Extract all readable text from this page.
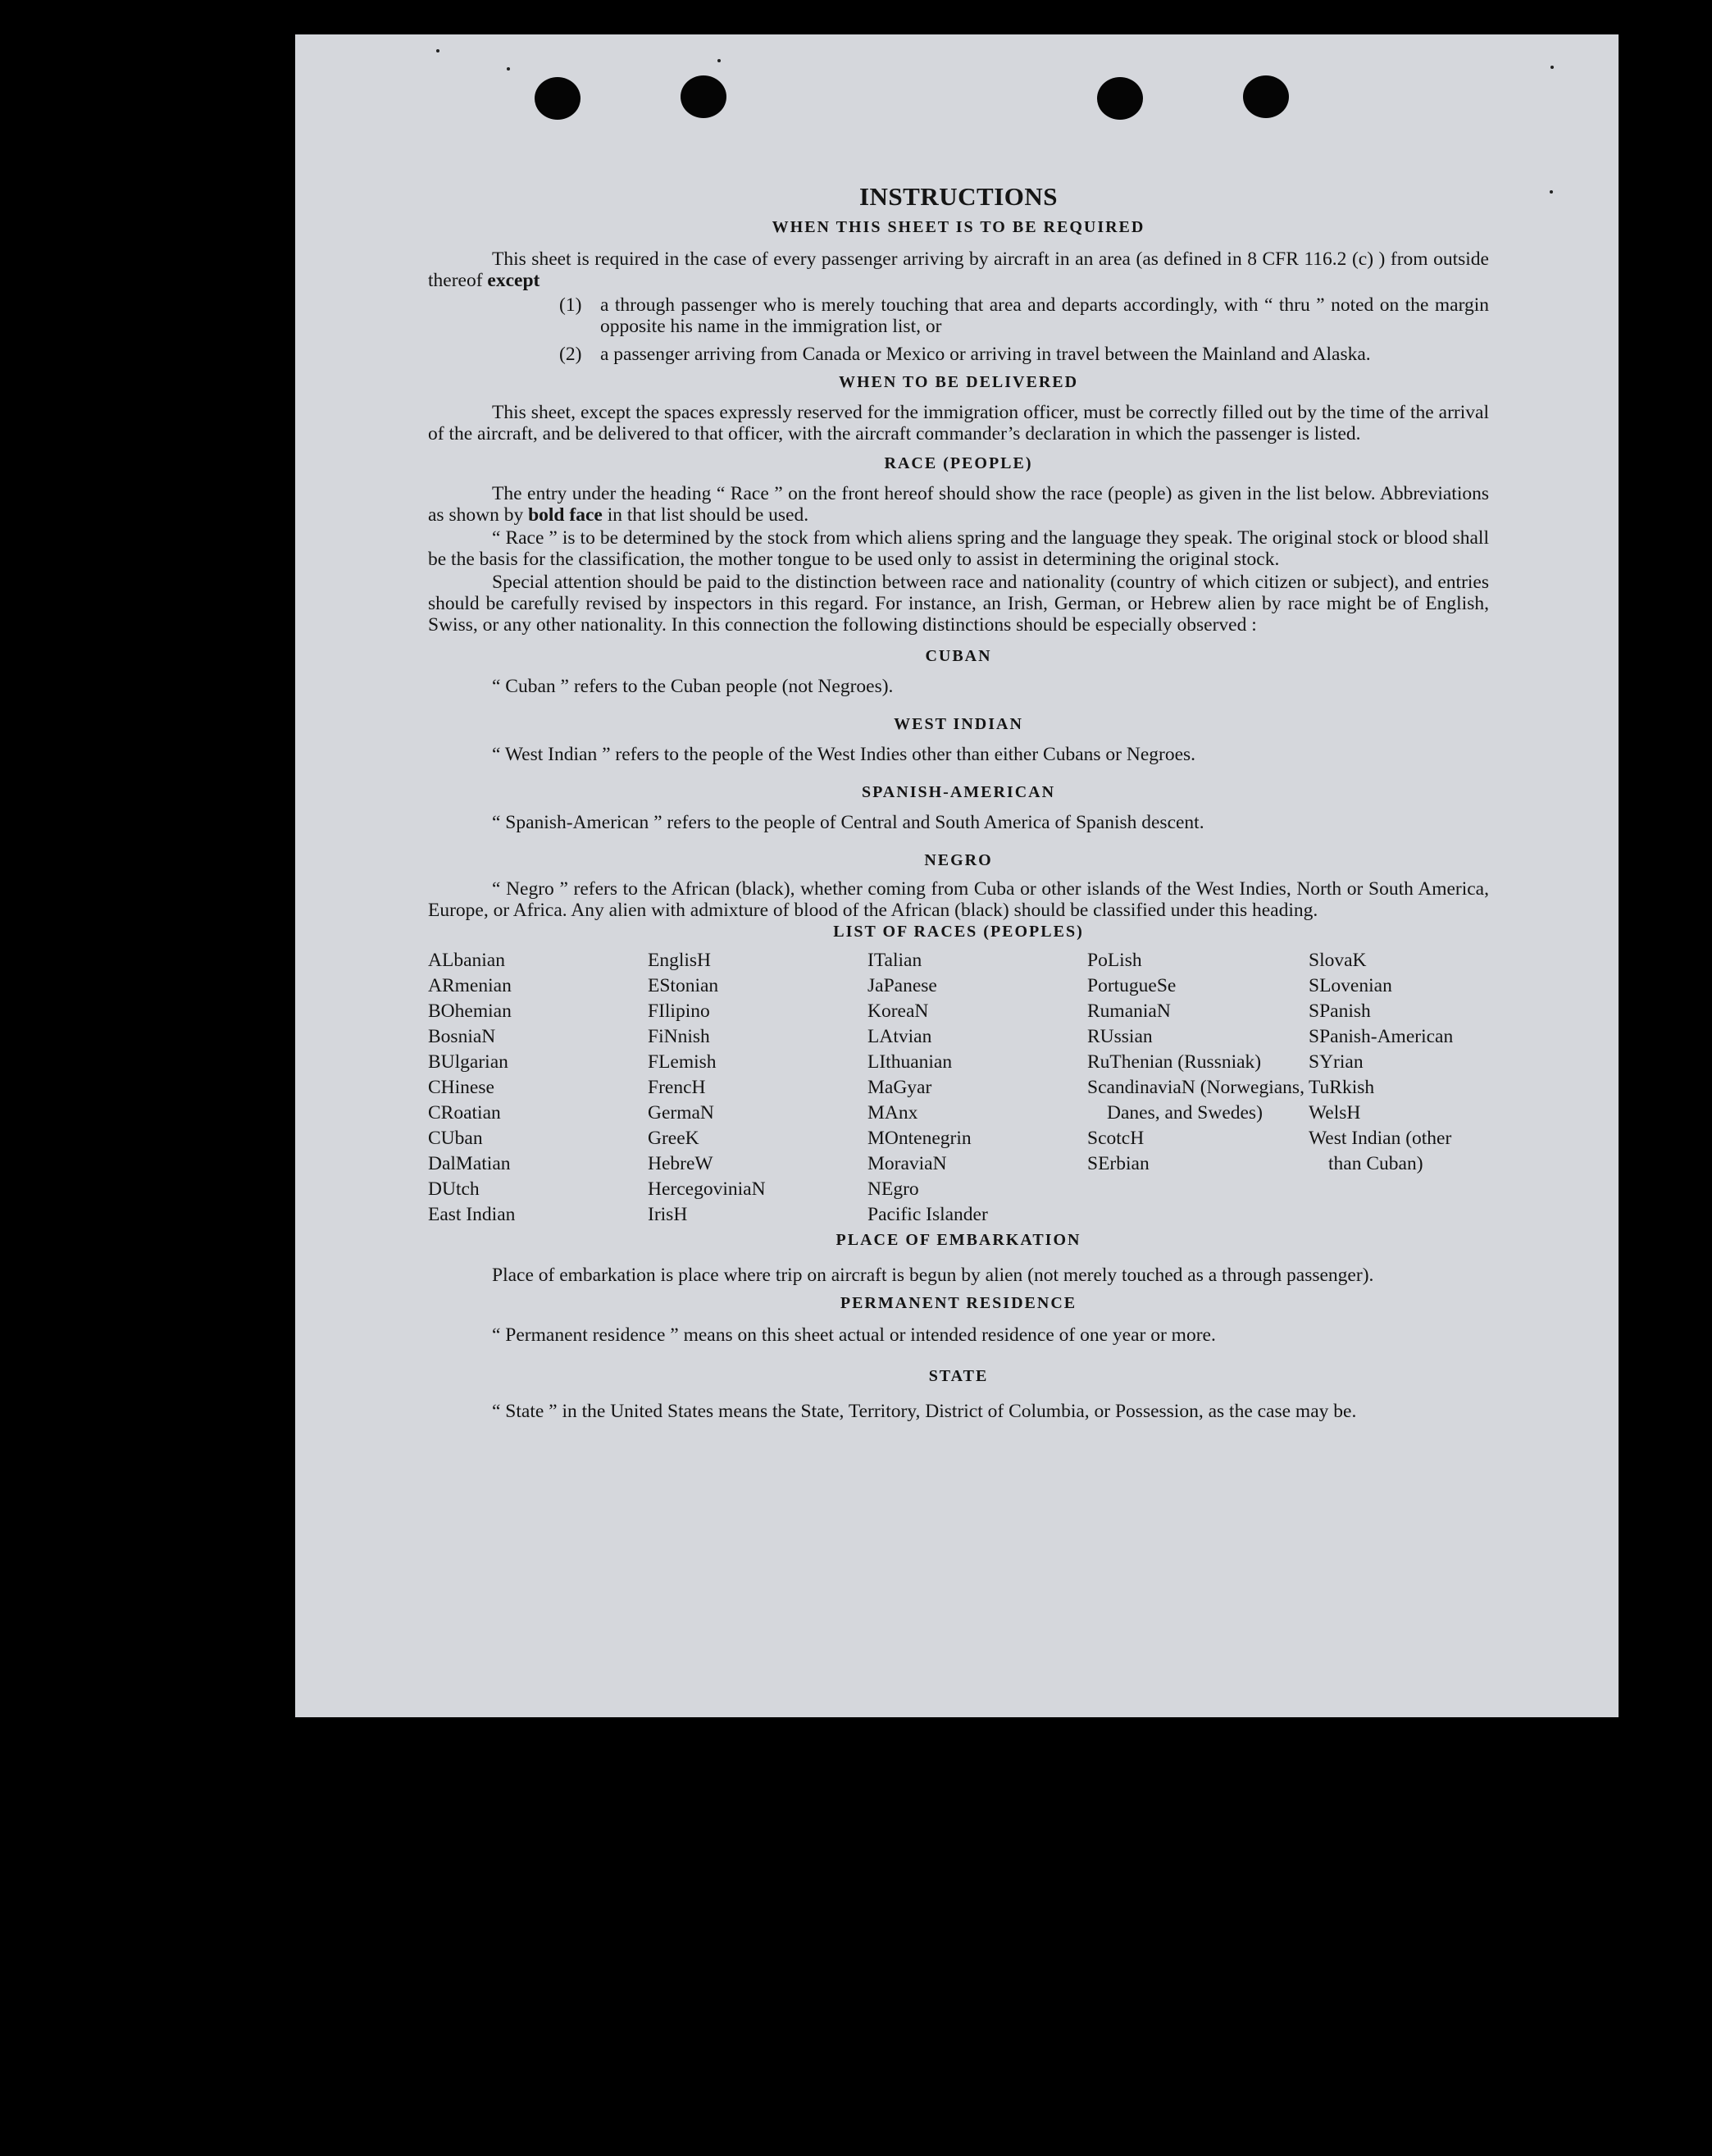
INSTRUCTIONS
WHEN THIS SHEET IS TO BE REQUIRED

This sheet is required in the case of every passenger arriving by aircraft in an area (as defined in 8 CFR 116.2 (c) ) from outside thereof except

(1) a through passenger who is merely touching that area and departs accordingly, with “ thru ” noted on the margin opposite his name in the immigration list, or
(2) a passenger arriving from Canada or Mexico or arriving in travel between the Mainland and Alaska.
WHEN TO BE DELIVERED

This sheet, except the spaces expressly reserved for the immigration officer, must be correctly filled out by the time of the arrival of the aircraft, and be delivered to that officer, with the aircraft commander’s declaration in which the passenger is listed.

RACE (PEOPLE)

The entry under the heading “ Race ” on the front hereof should show the race (people) as given in the list below. Abbreviations as shown by bold face in that list should be used.

“ Race ” is to be determined by the stock from which aliens spring and the language they speak. The original stock or blood shall be the basis for the classification, the mother tongue to be used only to assist in determining the original stock.

Special attention should be paid to the distinction between race and nationality (country of which citizen or subject), and entries should be carefully revised by inspectors in this regard. For instance, an Irish, German, or Hebrew alien by race might be of English, Swiss, or any other nationality. In this connection the following distinctions should be especially observed :

CUBAN
“ Cuban ” refers to the Cuban people (not Negroes).
WEST INDIAN
“ West Indian ” refers to the people of the West Indies other than either Cubans or Negroes.
SPANISH-AMERICAN
“ Spanish-American ” refers to the people of Central and South America of Spanish descent.
NEGRO

“ Negro ” refers to the African (black), whether coming from Cuba or other islands of the West Indies, North or South America, Europe, or Africa. Any alien with admixture of blood of the African (black) should be classified under this heading.

LIST OF RACES (PEOPLES)
ALbanian
ARmenian
BOhemian
BosniaN
BUlgarian
CHinese
CRoatian
CUban
DalMatian
DUtch
East Indian
EnglisH
EStonian
FIlipino
FiNnish
FLemish
FrencH
GermaN
GreeK
HebreW
HercegoviniaN
IrisH
ITalian
JaPanese
KoreaN
LAtvian
LIthuanian
MaGyar
MAnx
MOntenegrin
MoraviaN
NEgro
Pacific Islander
PoLish
PortugueSe
RumaniaN
RUssian
RuThenian (Russniak)
ScandinaviaN (Norwegians, Danes, and Swedes)
ScotcH
SErbian
SlovaK
SLovenian
SPanish
SPanish-American
SYrian
TuRkish
WelsH
West Indian (other than Cuban)
PLACE OF EMBARKATION

Place of embarkation is place where trip on aircraft is begun by alien (not merely touched as a through passenger).

PERMANENT RESIDENCE
“ Permanent residence ” means on this sheet actual or intended residence of one year or more.
STATE

“ State ” in the United States means the State, Territory, District of Columbia, or Possession, as the case may be.
